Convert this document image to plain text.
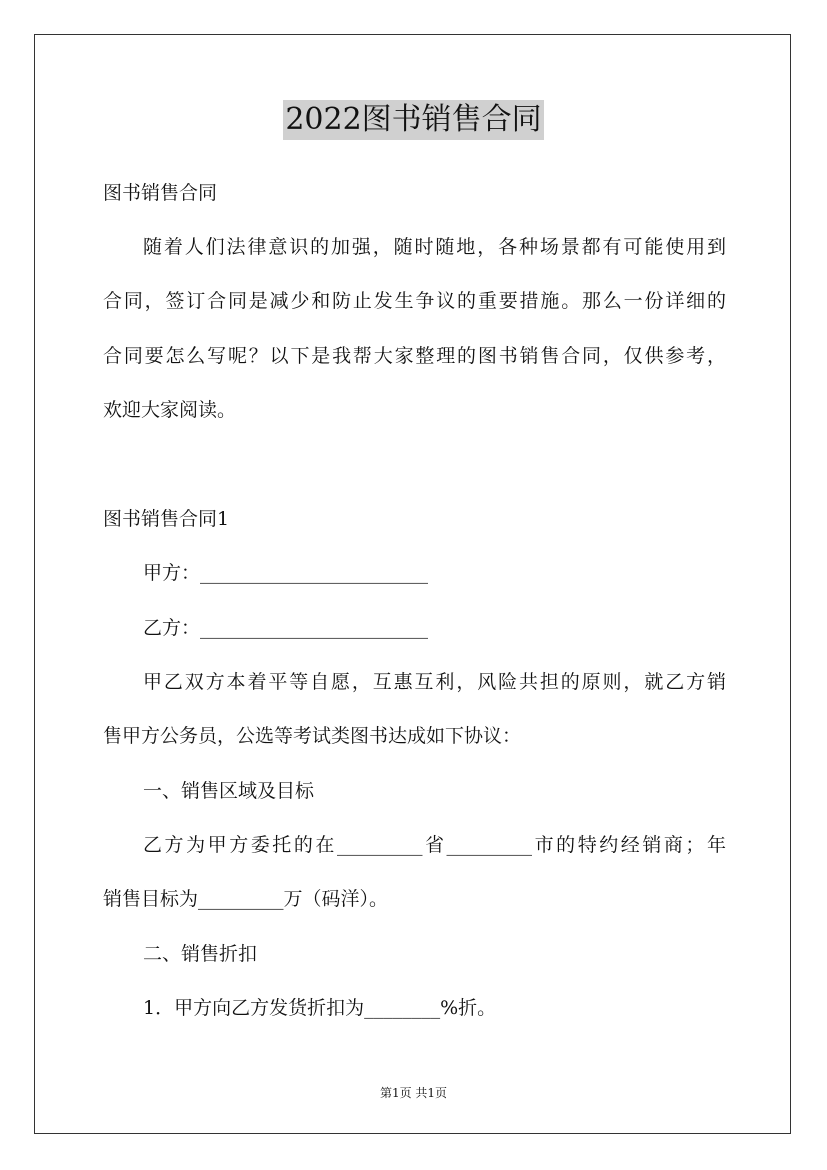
2022图书销售合同
图书销售合同
随着人们法律意识的加强，随时随地，各种场景都有可能使用到
合同，签订合同是减少和防止发生争议的重要措施。那么一份详细的
合同要怎么写呢？以下是我帮大家整理的图书销售合同，仅供参考，
欢迎大家阅读。
图书销售合同1
甲方：________________________
乙方：________________________
甲乙双方本着平等自愿，互惠互利，风险共担的原则，就乙方销
售甲方公务员，公选等考试类图书达成如下协议：
一、销售区域及目标
乙方为甲方委托的在_________省_________市的特约经销商；年
销售目标为_________万（码洋）。
二、销售折扣
1．甲方向乙方发货折扣为________%折。
第1页 共1页
